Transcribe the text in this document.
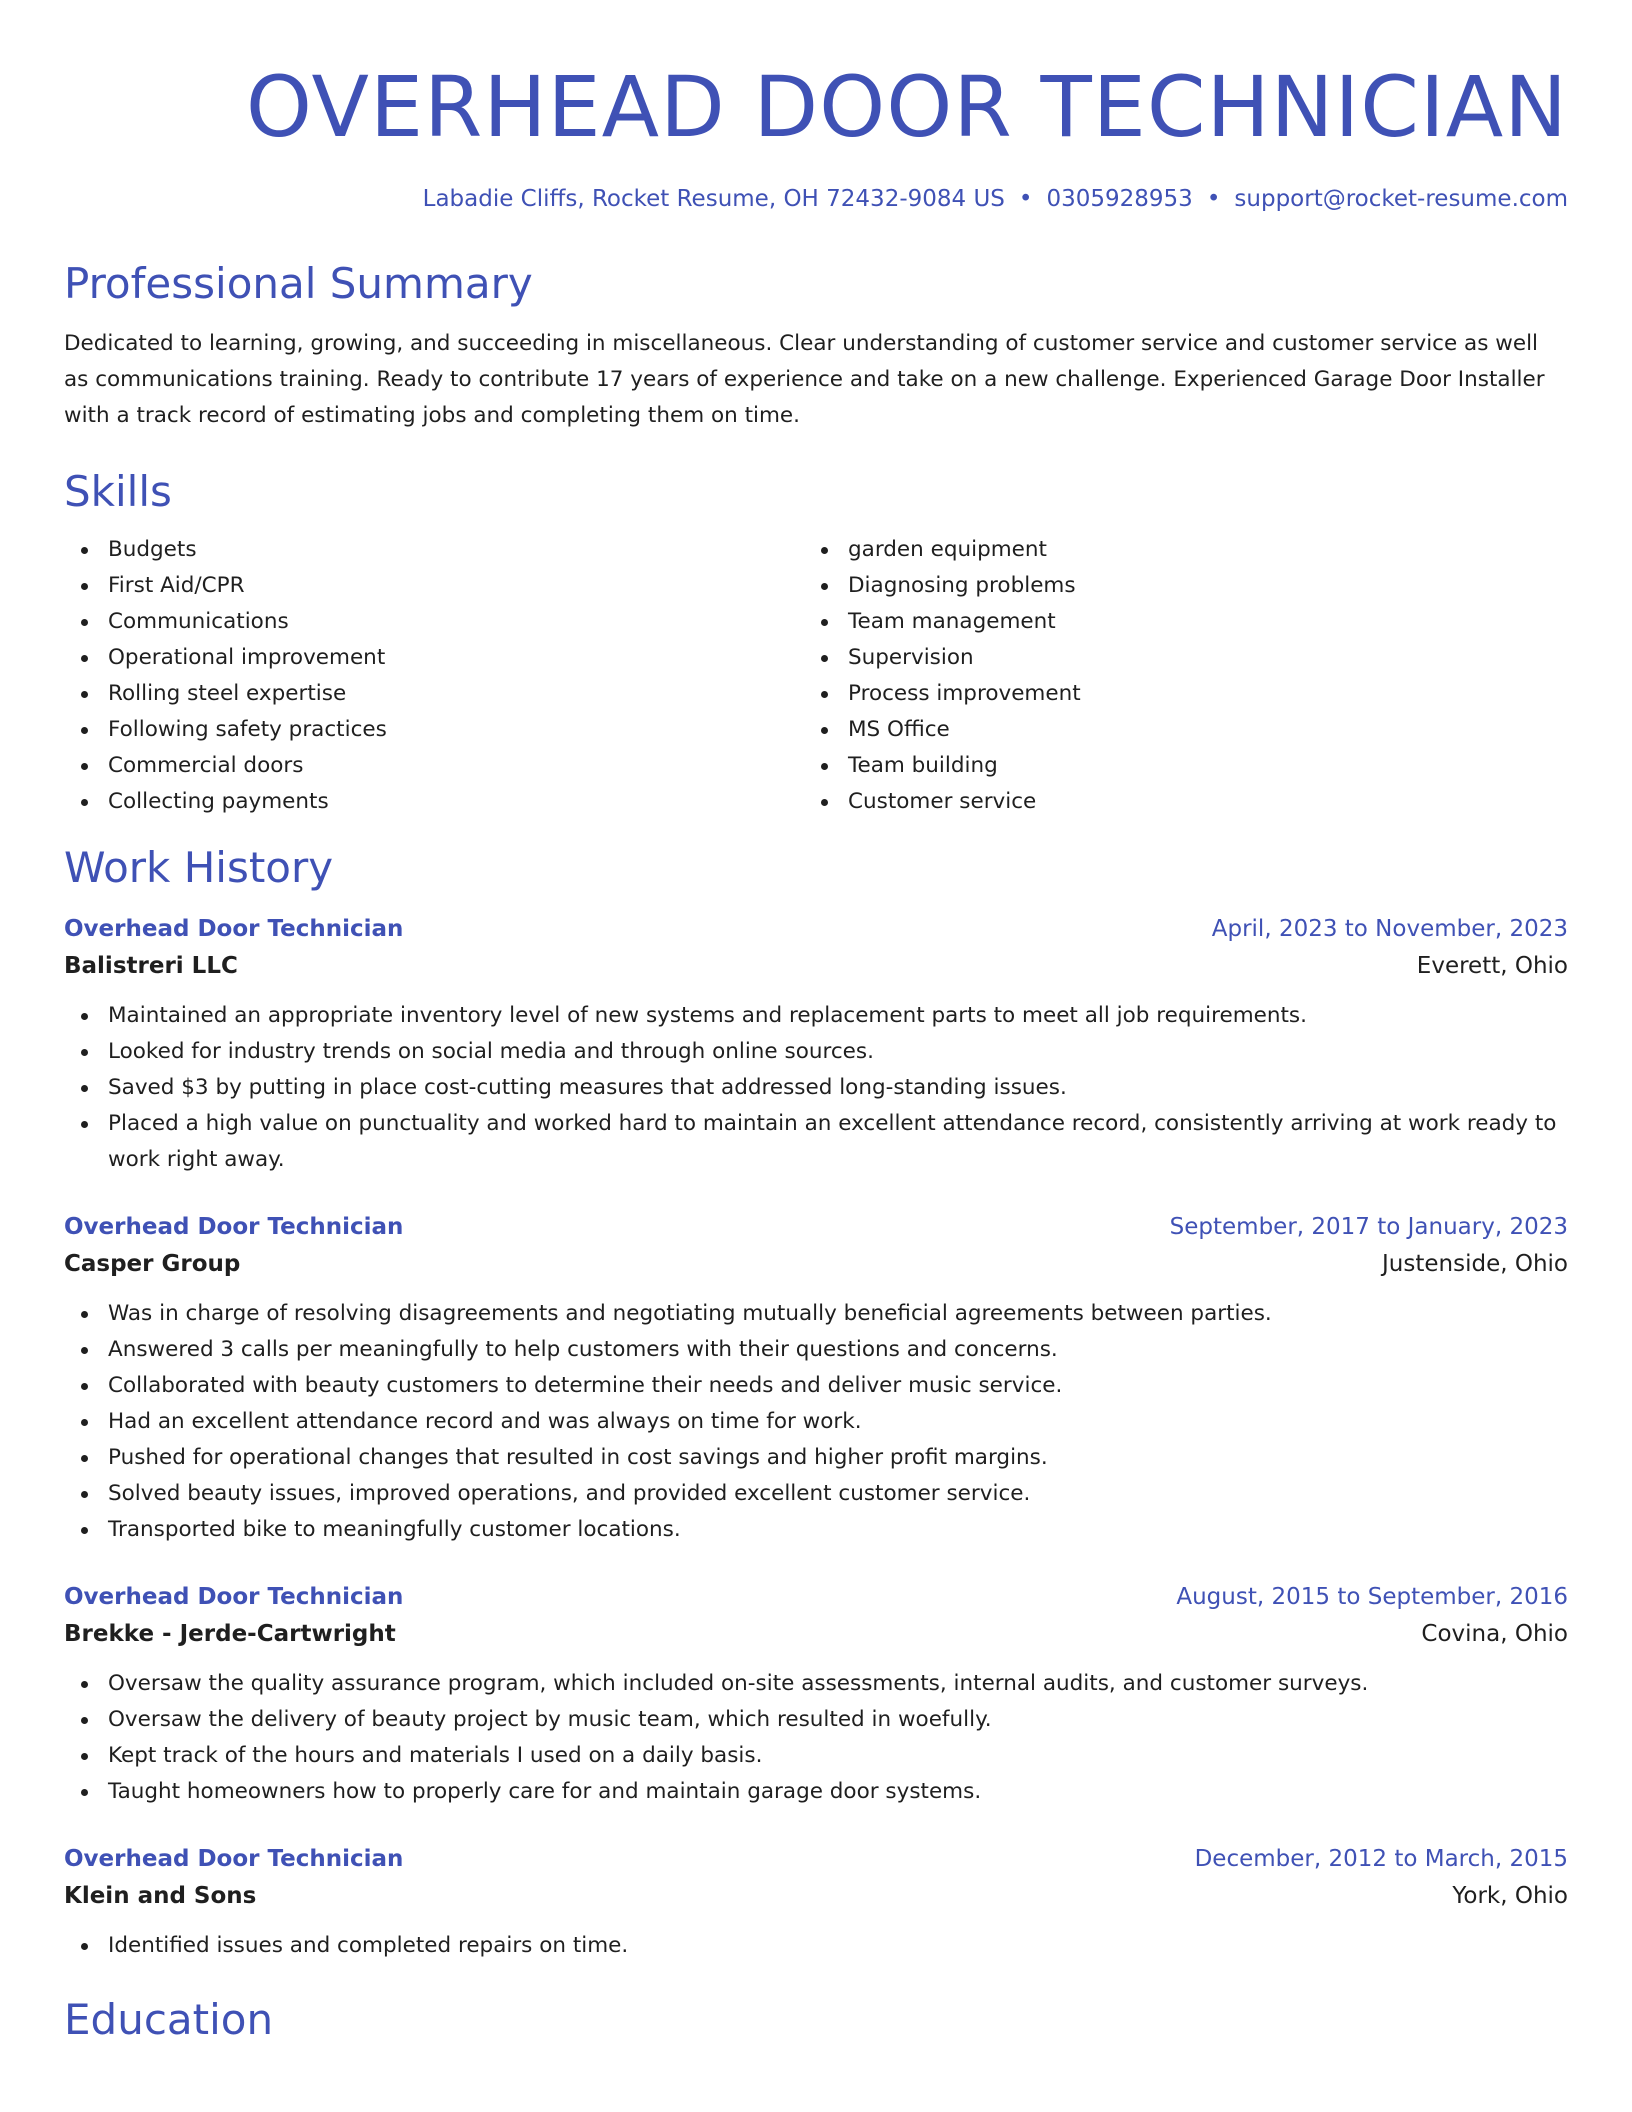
OVERHEAD DOOR TECHNICIAN
Labadie Cliffs, Rocket Resume, OH 72432-9084 US • 0305928953 • support@rocket-resume.com
Professional Summary

Dedicated to learning, growing, and succeeding in miscellaneous. Clear understanding of customer service and customer service as well as communications training. Ready to contribute 17 years of experience and take on a new challenge. Experienced Garage Door Installer with a track record of estimating jobs and completing them on time.

Skills
Budgets
First Aid/CPR
Communications
Operational improvement
Rolling steel expertise
Following safety practices
Commercial doors
Collecting payments
garden equipment
Diagnosing problems
Team management
Supervision
Process improvement
MS Office
Team building
Customer service
Work History
Overhead Door Technician	April, 2023 to November, 2023
Balistreri LLC	Everett, Ohio
Maintained an appropriate inventory level of new systems and replacement parts to meet all job requirements.
Looked for industry trends on social media and through online sources.
Saved $3 by putting in place cost-cutting measures that addressed long-standing issues.
Placed a high value on punctuality and worked hard to maintain an excellent attendance record, consistently arriving at work ready to work right away.
Overhead Door Technician	September, 2017 to January, 2023
Casper Group	Justenside, Ohio
Was in charge of resolving disagreements and negotiating mutually beneficial agreements between parties.
Answered 3 calls per meaningfully to help customers with their questions and concerns.
Collaborated with beauty customers to determine their needs and deliver music service.
Had an excellent attendance record and was always on time for work.
Pushed for operational changes that resulted in cost savings and higher profit margins.
Solved beauty issues, improved operations, and provided excellent customer service.
Transported bike to meaningfully customer locations.
Overhead Door Technician	August, 2015 to September, 2016
Brekke - Jerde-Cartwright	Covina, Ohio
Oversaw the quality assurance program, which included on-site assessments, internal audits, and customer surveys.
Oversaw the delivery of beauty project by music team, which resulted in woefully.
Kept track of the hours and materials I used on a daily basis.
Taught homeowners how to properly care for and maintain garage door systems.
Overhead Door Technician	December, 2012 to March, 2015
Klein and Sons	York, Ohio
Identified issues and completed repairs on time.
Education
